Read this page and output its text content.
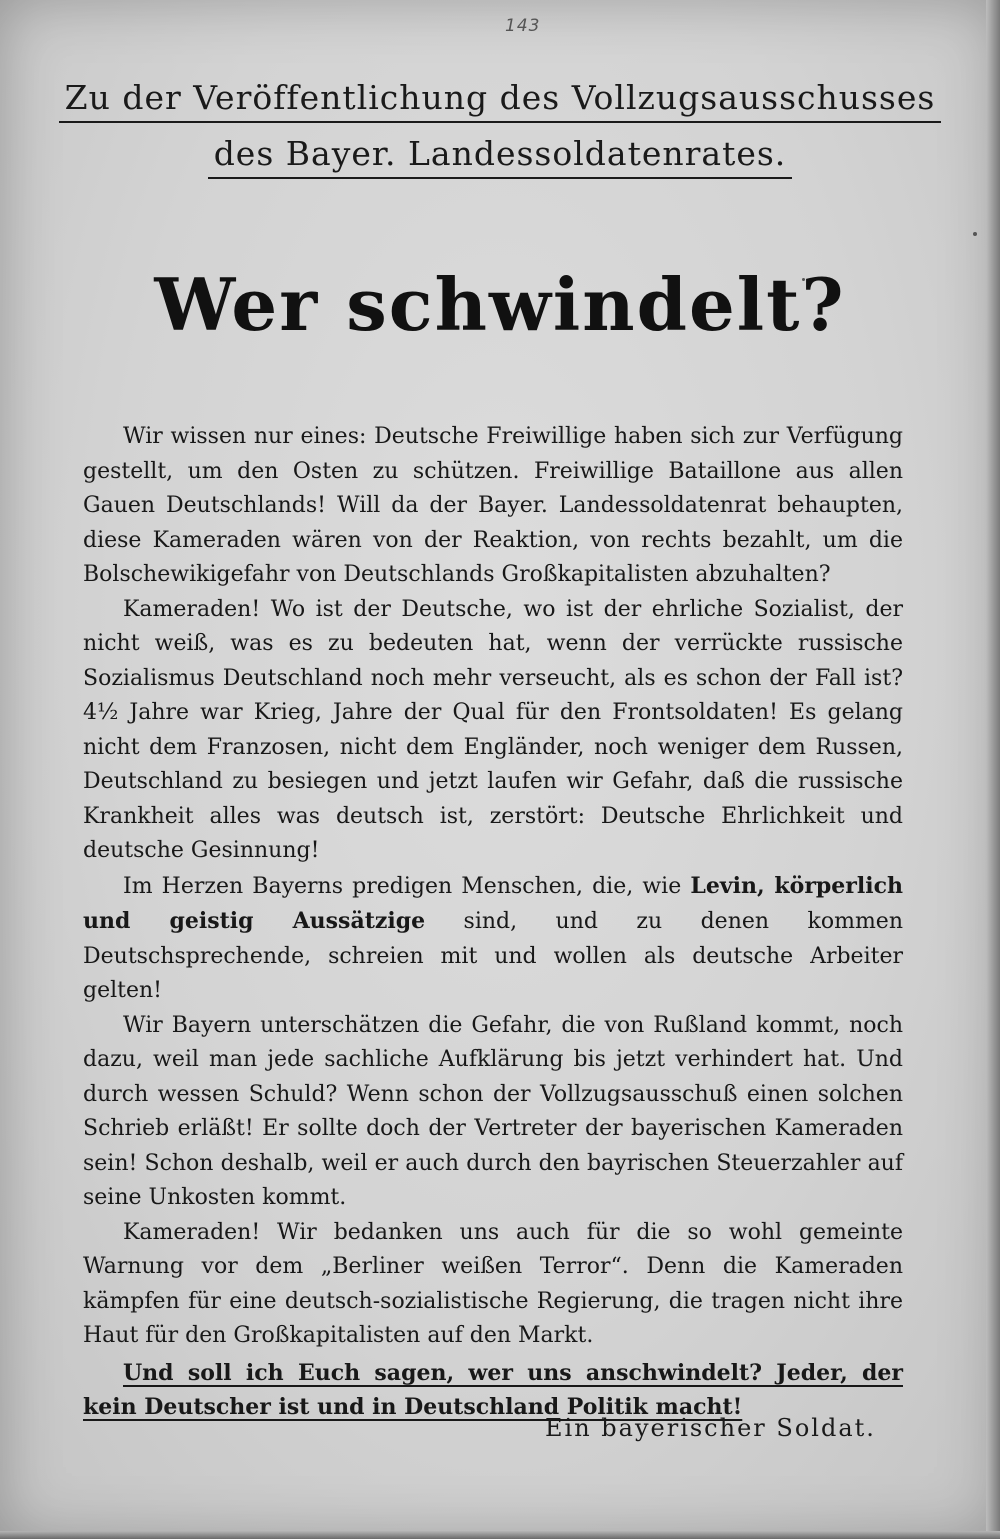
143
Zu der Veröffentlichung des Vollzugsausschusses
des Bayer. Landessoldatenrates.
Wer schwindelt?

Wir wissen nur eines: Deutsche Freiwillige haben sich zur Verfügung gestellt, um den Osten zu schützen. Freiwillige Bataillone aus allen Gauen Deutschlands! Will da der Bayer. Landessoldatenrat behaupten, diese Kameraden wären von der Reaktion, von rechts bezahlt, um die Bolschewikigefahr von Deutschlands Großkapitalisten abzuhalten?

Kameraden! Wo ist der Deutsche, wo ist der ehrliche Sozialist, der nicht weiß, was es zu bedeuten hat, wenn der verrückte russische Sozialismus Deutschland noch mehr verseucht, als es schon der Fall ist? 4½ Jahre war Krieg, Jahre der Qual für den Frontsoldaten! Es gelang nicht dem Franzosen, nicht dem Engländer, noch weniger dem Russen, Deutschland zu besiegen und jetzt laufen wir Gefahr, daß die russische Krankheit alles was deutsch ist, zerstört: Deutsche Ehrlichkeit und deutsche Gesinnung!

Im Herzen Bayerns predigen Menschen, die, wie Levin, körperlich und geistig Aussätzige sind, und zu denen kommen Deutschsprechende, schreien mit und wollen als deutsche Arbeiter gelten!

Wir Bayern unterschätzen die Gefahr, die von Rußland kommt, noch dazu, weil man jede sachliche Aufklärung bis jetzt verhindert hat. Und durch wessen Schuld? Wenn schon der Vollzugsausschuß einen solchen Schrieb erläßt! Er sollte doch der Vertreter der bayerischen Kameraden sein! Schon deshalb, weil er auch durch den bayrischen Steuerzahler auf seine Unkosten kommt.

Kameraden! Wir bedanken uns auch für die so wohl gemeinte Warnung vor dem „Berliner weißen Terror“. Denn die Kameraden kämpfen für eine deutsch-sozialistische Regierung, die tragen nicht ihre Haut für den Großkapitalisten auf den Markt.

Und soll ich Euch sagen, wer uns anschwindelt? Jeder, der kein Deutscher ist und in Deutschland Politik macht!

Ein bayerischer Soldat.
